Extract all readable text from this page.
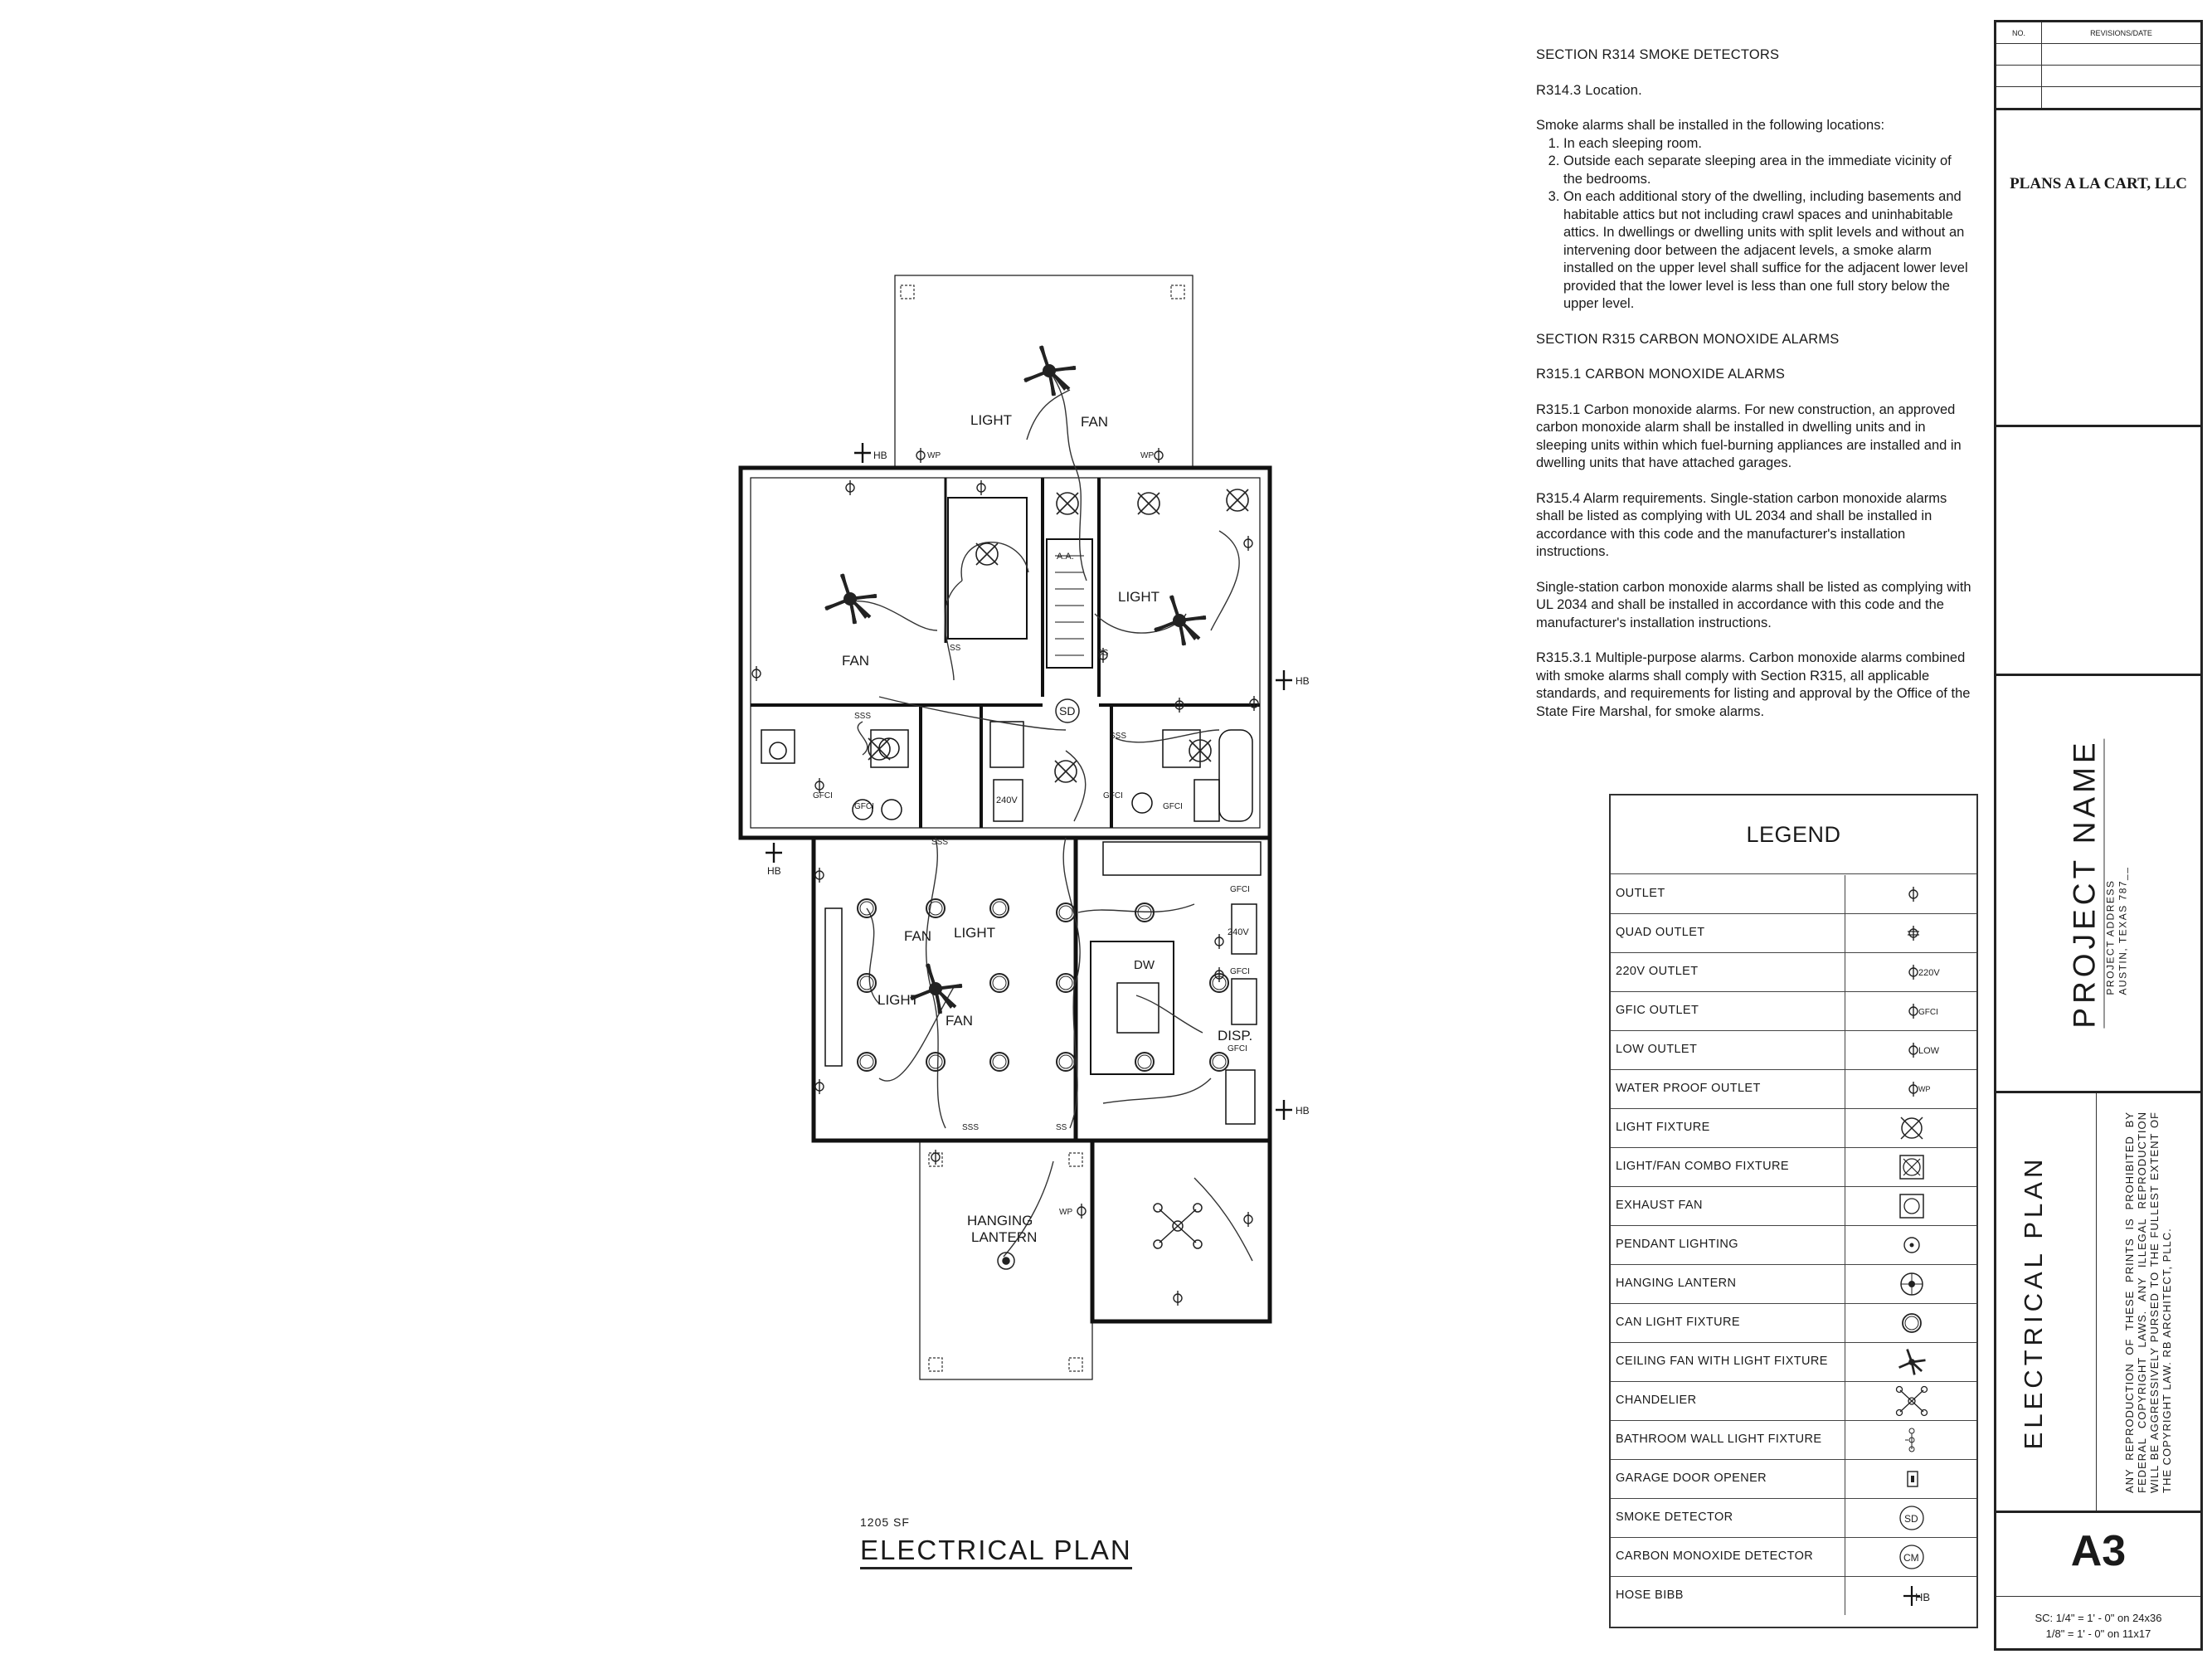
LIGHT	FAN
LIGHT
FAN
FAN LIGHT
LIGHT
FAN
A.A.
SD
DISP.
DW
HANGING
LANTERN
HB
HB
HB
HB
WP	WP
WP
GFCI
GFCI
GFCI
GFCI
GFCI
GFCI
GFCI
240V
240V
SS
SS
SS
SSS
SSS
SSS
SSS
1205 SF
ELECTRICAL PLAN
SECTION R314 SMOKE DETECTORS
R314.3 Location.
Smoke alarms shall be installed in the following locations:
1. In each sleeping room.
2. Outside each separate sleeping area in the immediate vicinity of the bedrooms.
3. On each additional story of the dwelling, including basements and habitable attics but not including crawl spaces and uninhabitable attics. In dwellings or dwelling units with split levels and without an intervening door between the adjacent levels, a smoke alarm installed on the upper level shall suffice for the adjacent lower level provided that the lower level is less than one full story below the upper level.
SECTION R315 CARBON MONOXIDE ALARMS
R315.1 CARBON MONOXIDE ALARMS
R315.1 Carbon monoxide alarms. For new construction, an approved carbon monoxide alarm shall be installed in dwelling units and in sleeping units within which fuel-burning appliances are installed and in dwelling units that have attached garages.
R315.4 Alarm requirements. Single-station carbon monoxide alarms shall be listed as complying with UL 2034 and shall be installed in accordance with this code and the manufacturer's installation instructions.
Single-station carbon monoxide alarms shall be listed as complying with UL 2034 and shall be installed in accordance with this code and the manufacturer's installation instructions.
R315.3.1 Multiple-purpose alarms. Carbon monoxide alarms combined with smoke alarms shall comply with Section R315, all applicable standards, and requirements for listing and approval by the Office of the State Fire Marshal, for smoke alarms.
LEGEND
OUTLET
QUAD OUTLET
220V OUTLET	220V
GFIC OUTLET	GFCI
LOW OUTLET	LOW
WATER PROOF OUTLET	WP
LIGHT FIXTURE
LIGHT/FAN COMBO FIXTURE
EXHAUST FAN
PENDANT LIGHTING
HANGING LANTERN
CAN LIGHT FIXTURE
CEILING FAN WITH LIGHT FIXTURE
CHANDELIER
BATHROOM WALL LIGHT FIXTURE
GARAGE DOOR OPENER
SMOKE DETECTOR	SD
CARBON MONOXIDE DETECTOR	CM
HOSE BIBB	HB
NO.	REVISIONS/DATE
PLANS A LA CART, LLC
PROJECT NAME PROJECT ADDRESS AUSTIN, TEXAS 787__
ELECTRICAL PLAN	ANY REPRODUCTION OF THESE PRINTS IS PROHIBITED BY FEDERAL COPYRIGHT LAWS. ANY ILLEGAL REPRODUCTION WILL BE AGGRESSIVELY PURSED TO THE FULLEST EXTENT OF THE COPYRIGHT LAW. RB ARCHITECT, PLLC.
A3
SC: 1/4" = 1' - 0" on 24x36
1/8" = 1' - 0" on 11x17
